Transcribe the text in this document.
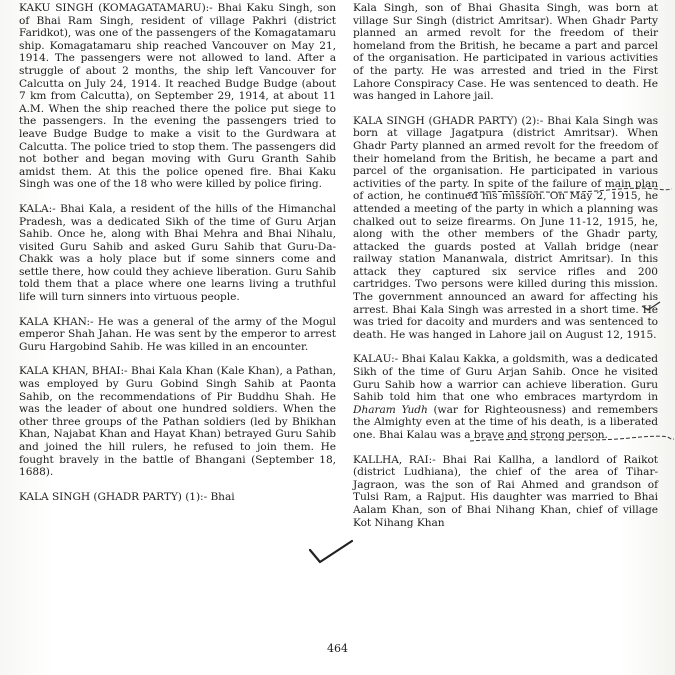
KAKU SINGH (KOMAGATAMARU):- Bhai Kaku Singh, son of Bhai Ram Singh, resident of village Pakhri (district Faridkot), was one of the passengers of the Komagatamaru ship. Komagatamaru ship reached Vancouver on May 21, 1914. The passengers were not allowed to land. After a struggle of about 2 months, the ship left Vancouver for Calcutta on July 24, 1914. It reached Budge Budge (about 7 km from Calcutta), on September 29, 1914, at about 11 A.M. When the ship reached there the police put siege to the passengers. In the evening the passengers tried to leave Budge Budge to make a visit to the Gurdwara at Calcutta. The police tried to stop them. The passengers did not bother and began moving with Guru Granth Sahib amidst them. At this the police opened fire. Bhai Kaku Singh was one of the 18 who were killed by police firing.

KALA:- Bhai Kala, a resident of the hills of the Himanchal Pradesh, was a dedicated Sikh of the time of Guru Arjan Sahib. Once he, along with Bhai Mehra and Bhai Nihalu, visited Guru Sahib and asked Guru Sahib that Guru-Da-Chakk was a holy place but if some sinners come and settle there, how could they achieve liberation. Guru Sahib told them that a place where one learns living a truthful life will turn sinners into virtuous people.

KALA KHAN:- He was a general of the army of the Mogul emperor Shah Jahan. He was sent by the emperor to arrest Guru Hargobind Sahib. He was killed in an encounter.

KALA KHAN, BHAI:- Bhai Kala Khan (Kale Khan), a Pathan, was employed by Guru Gobind Singh Sahib at Paonta Sahib, on the recommendations of Pir Buddhu Shah. He was the leader of about one hundred soldiers. When the other three groups of the Pathan soldiers (led by Bhikhan Khan, Najabat Khan and Hayat Khan) betrayed Guru Sahib and joined the hill rulers, he refused to join them. He fought bravely in the battle of Bhangani (September 18, 1688).

KALA SINGH (GHADR PARTY) (1):- Bhai

Kala Singh, son of Bhai Ghasita Singh, was born at village Sur Singh (district Amritsar). When Ghadr Party planned an armed revolt for the freedom of their homeland from the British, he became a part and parcel of the organisation. He participated in various activities of the party. He was arrested and tried in the First Lahore Conspiracy Case. He was sentenced to death. He was hanged in Lahore jail.

KALA SINGH (GHADR PARTY) (2):- Bhai Kala Singh was born at village Jagatpura (district Amritsar). When Ghadr Party planned an armed revolt for the freedom of their homeland from the British, he became a part and parcel of the organisation. He participated in various activities of the party. In spite of the failure of main plan of action, he continued his mission. On May 2, 1915, he attended a meeting of the party in which a planning was chalked out to seize firearms. On June 11-12, 1915, he, along with the other members of the Ghadr party, attacked the guards posted at Vallah bridge (near railway station Mananwala, district Amritsar). In this attack they captured six service rifles and 200 cartridges. Two persons were killed during this mission. The government announced an award for affecting his arrest. Bhai Kala Singh was arrested in a short time. He was tried for dacoity and murders and was sentenced to death. He was hanged in Lahore jail on August 12, 1915.

KALAU:- Bhai Kalau Kakka, a goldsmith, was a dedicated Sikh of the time of Guru Arjan Sahib. Once he visited Guru Sahib how a warrior can achieve liberation. Guru Sahib told him that one who embraces martyrdom in Dharam Yudh (war for Righteousness) and remembers the Almighty even at the time of his death, is a liberated one. Bhai Kalau was a brave and strong person.

KALLHA, RAI:- Bhai Rai Kallha, a landlord of Raikot (district Ludhiana), the chief of the area of Tihar-Jagraon, was the son of Rai Ahmed and grandson of Tulsi Ram, a Rajput. His daughter was married to Bhai Aalam Khan, son of Bhai Nihang Khan, chief of village Kot Nihang Khan

464
